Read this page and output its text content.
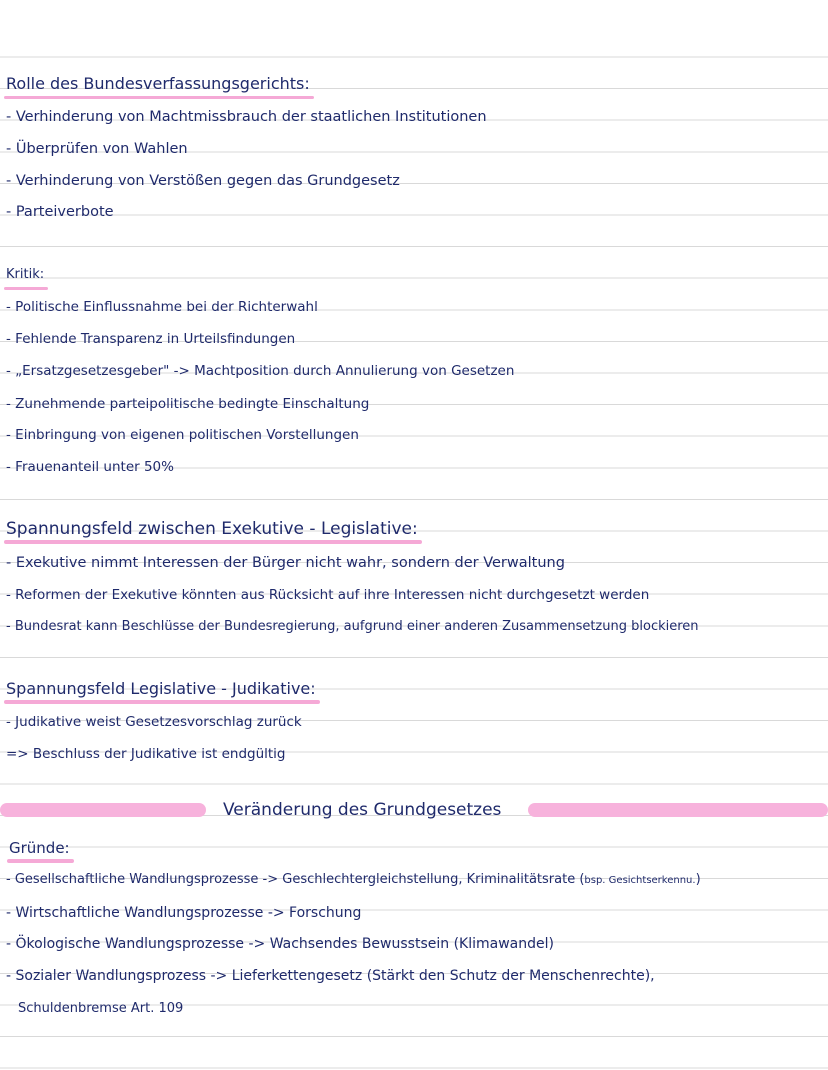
Rolle des Bundesverfassungsgerichts:
- Verhinderung von Machtmissbrauch der staatlichen Institutionen
- Überprüfen von Wahlen
- Verhinderung von Verstößen gegen das Grundgesetz
- Parteiverbote
Kritik:
- Politische Einflussnahme bei der Richterwahl
- Fehlende Transparenz in Urteilsfindungen
- „Ersatzgesetzesgeber" -> Machtposition durch Annulierung von Gesetzen
- Zunehmende parteipolitische bedingte Einschaltung
- Einbringung von eigenen politischen Vorstellungen
- Frauenanteil unter 50%
Spannungsfeld zwischen Exekutive - Legislative:
- Exekutive nimmt Interessen der Bürger nicht wahr, sondern der Verwaltung
- Reformen der Exekutive könnten aus Rücksicht auf ihre Interessen nicht durchgesetzt werden
- Bundesrat kann Beschlüsse der Bundesregierung, aufgrund einer anderen Zusammensetzung blockieren
Spannungsfeld Legislative - Judikative:
- Judikative weist Gesetzesvorschlag zurück
=> Beschluss der Judikative ist endgültig
Veränderung des Grundgesetzes
Gründe:
- Gesellschaftliche Wandlungsprozesse -> Geschlechtergleichstellung, Kriminalitätsrate (bsp. Gesichtserkennu.)
- Wirtschaftliche Wandlungsprozesse -> Forschung
- Ökologische Wandlungsprozesse -> Wachsendes Bewusstsein (Klimawandel)
- Sozialer Wandlungsprozess -> Lieferkettengesetz (Stärkt den Schutz der Menschenrechte),
Schuldenbremse Art. 109
